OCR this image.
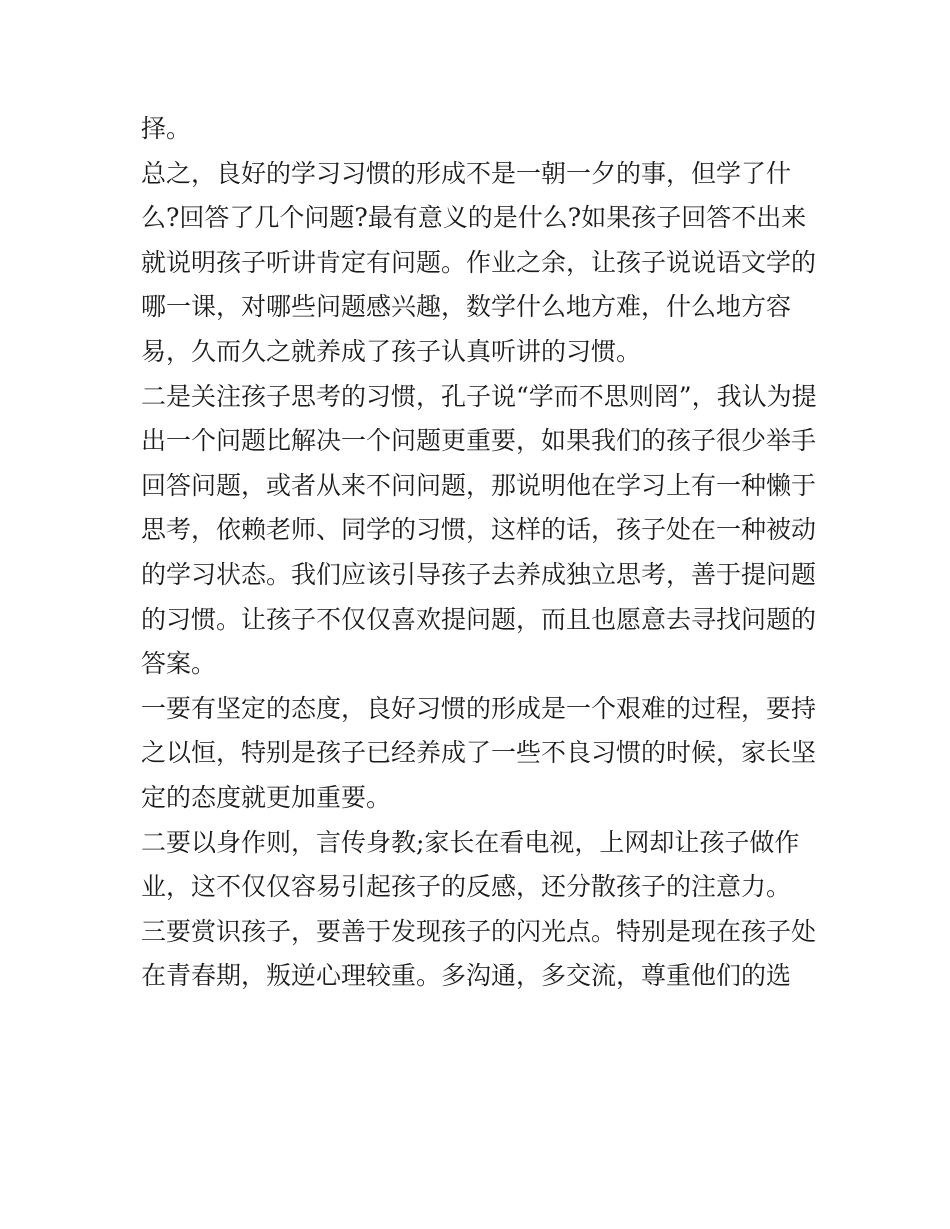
择。
总之，良好的学习习惯的形成不是一朝一夕的事，但学了什
么?回答了几个问题?最有意义的是什么?如果孩子回答不出来
就说明孩子听讲肯定有问题。作业之余，让孩子说说语文学的
哪一课，对哪些问题感兴趣，数学什么地方难，什么地方容
易，久而久之就养成了孩子认真听讲的习惯。
二是关注孩子思考的习惯，孔子说“学而不思则罔”，我认为提
出一个问题比解决一个问题更重要，如果我们的孩子很少举手
回答问题，或者从来不问问题，那说明他在学习上有一种懒于
思考，依赖老师、同学的习惯，这样的话，孩子处在一种被动
的学习状态。我们应该引导孩子去养成独立思考，善于提问题
的习惯。让孩子不仅仅喜欢提问题，而且也愿意去寻找问题的
答案。
一要有坚定的态度，良好习惯的形成是一个艰难的过程，要持
之以恒，特别是孩子已经养成了一些不良习惯的时候，家长坚
定的态度就更加重要。
二要以身作则，言传身教;家长在看电视，上网却让孩子做作
业，这不仅仅容易引起孩子的反感，还分散孩子的注意力。
三要赏识孩子，要善于发现孩子的闪光点。特别是现在孩子处
在青春期，叛逆心理较重。多沟通，多交流，尊重他们的选
